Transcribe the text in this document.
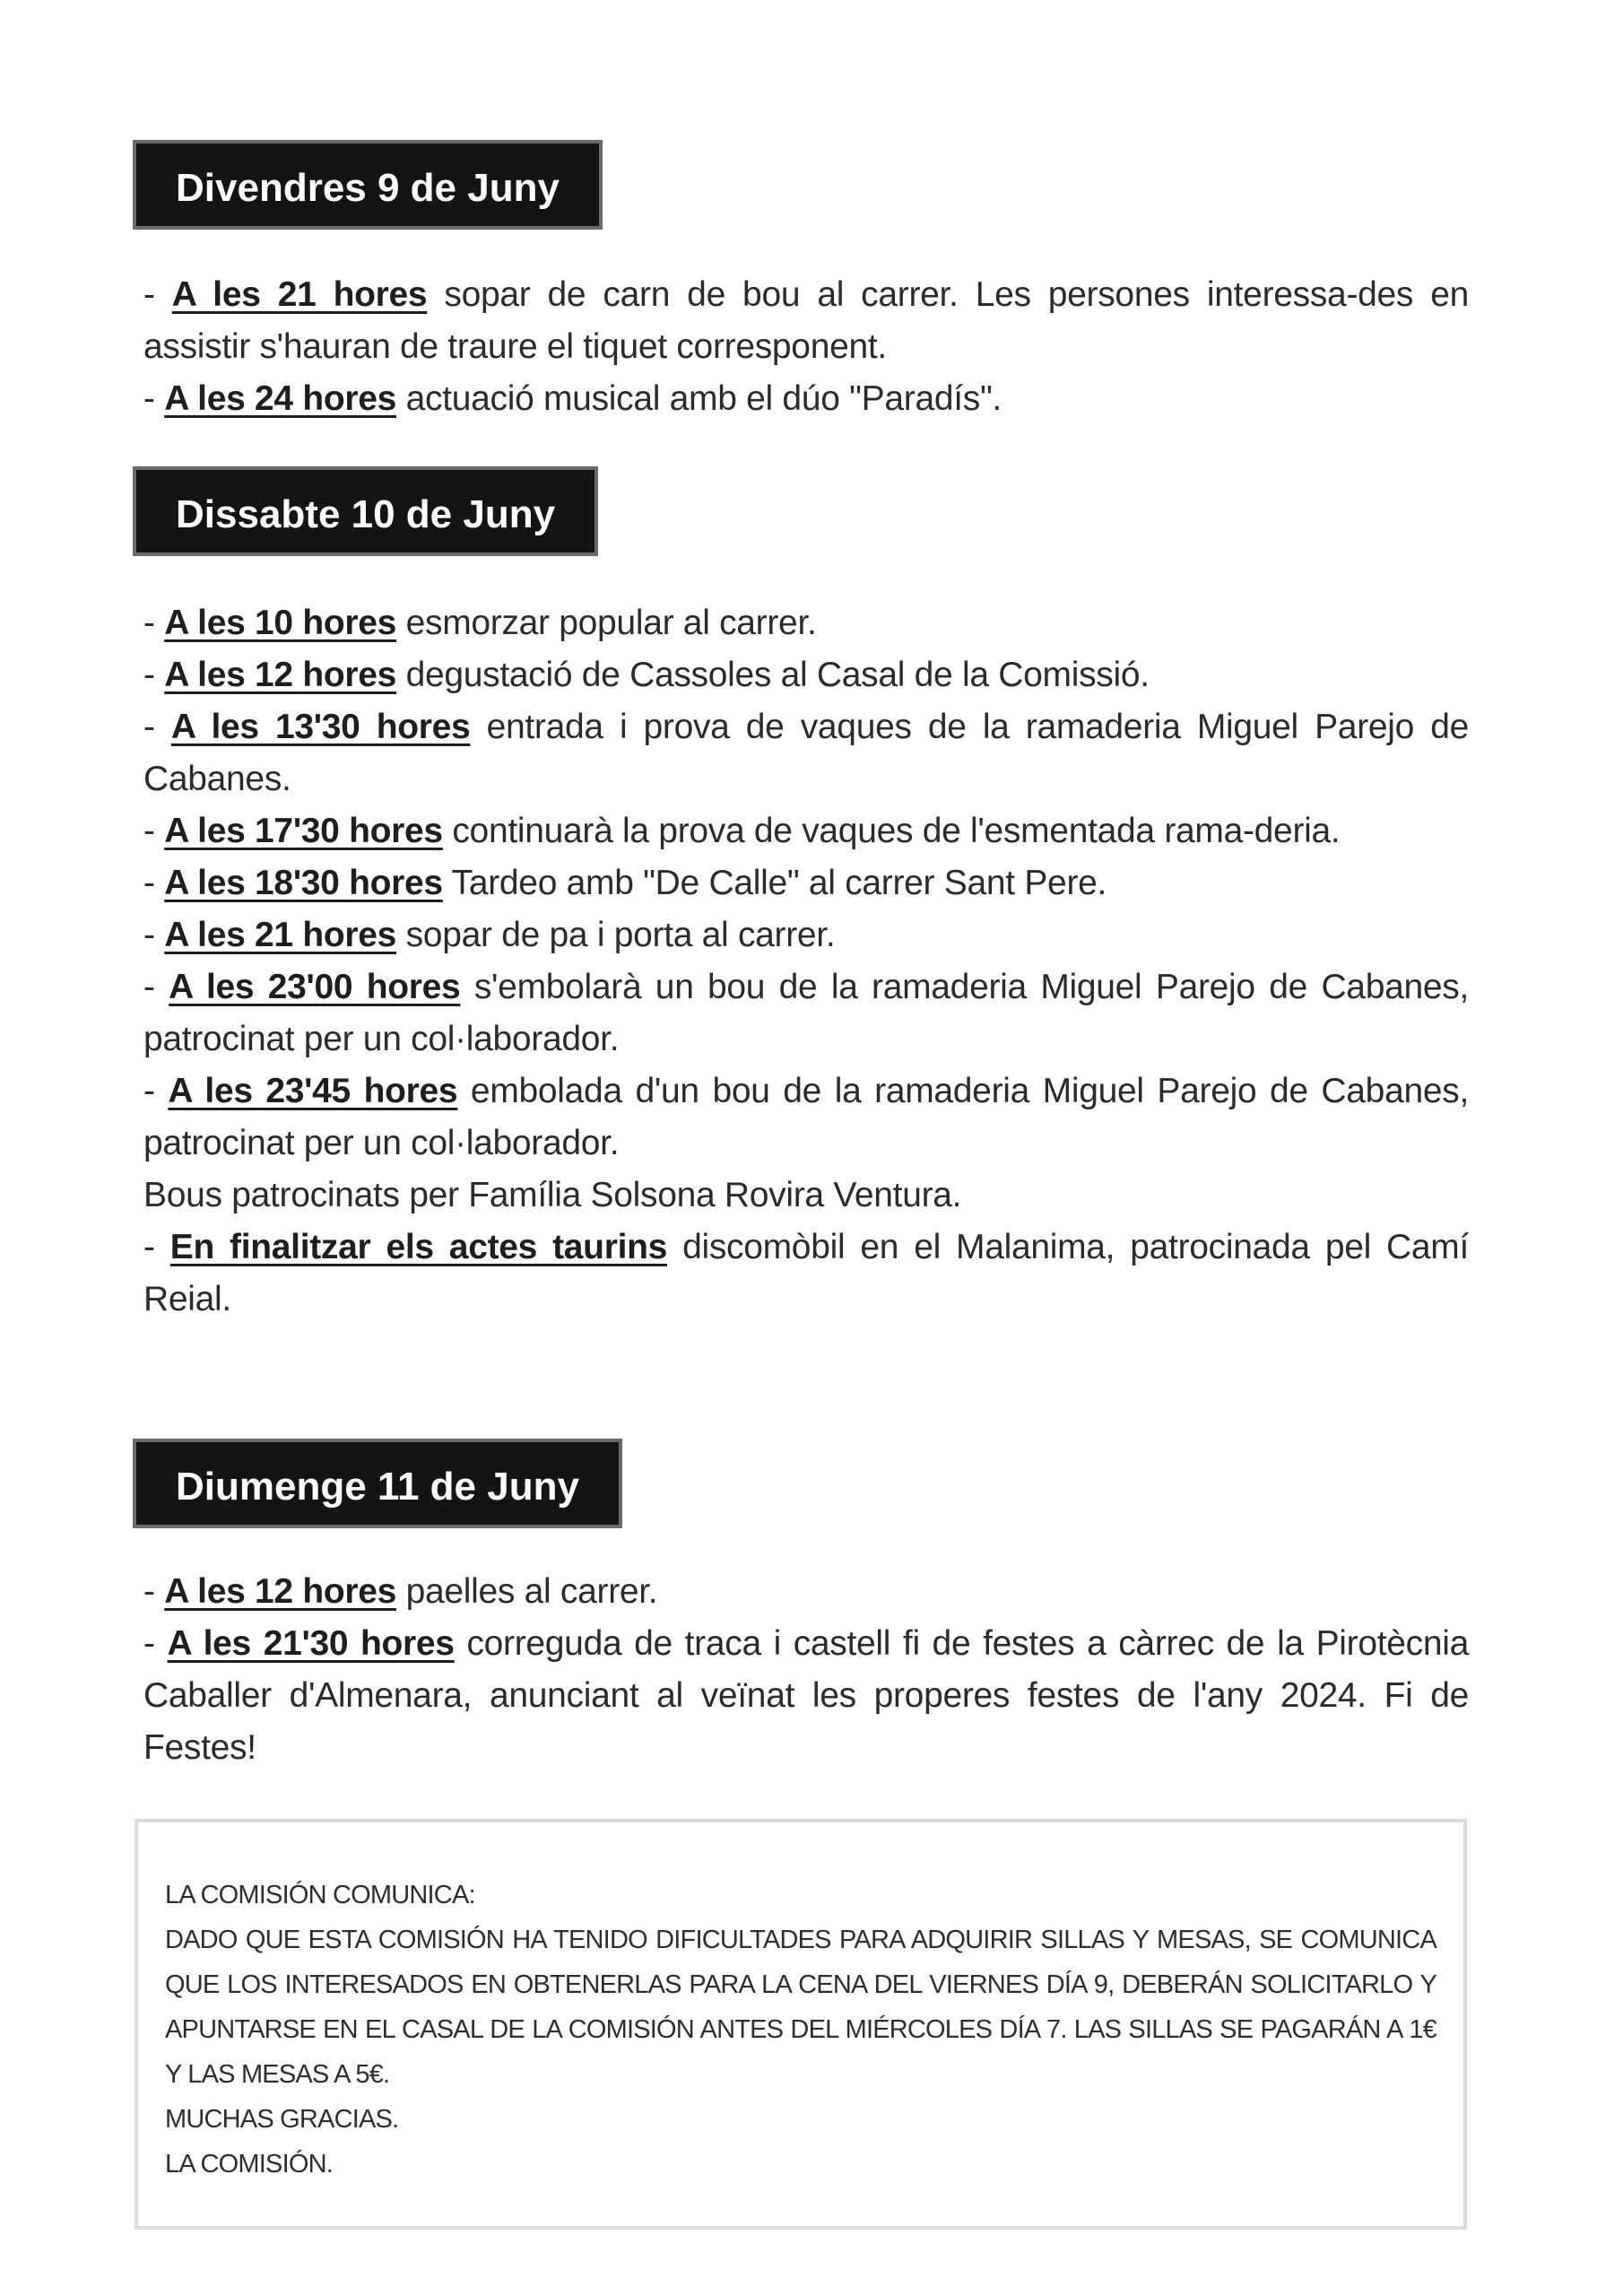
Divendres 9 de Juny

- A les 21 hores sopar de carn de bou al carrer. Les persones interessa-des en assistir s'hauran de traure el tiquet corresponent.

- A les 24 hores actuació musical amb el dúo "Paradís".

Dissabte 10 de Juny

- A les 10 hores esmorzar popular al carrer.

- A les 12 hores degustació de Cassoles al Casal de la Comissió.

- A les 13'30 hores entrada i prova de vaques de la ramaderia Miguel Parejo de Cabanes.

- A les 17'30 hores continuarà la prova de vaques de l'esmentada rama-deria.

- A les 18'30 hores Tardeo amb "De Calle" al carrer Sant Pere.

- A les 21 hores sopar de pa i porta al carrer.

- A les 23'00 hores s'embolarà un bou de la ramaderia Miguel Parejo de Cabanes, patrocinat per un col·laborador.

- A les 23'45 hores embolada d'un bou de la ramaderia Miguel Parejo de Cabanes, patrocinat per un col·laborador.

Bous patrocinats per Família Solsona Rovira Ventura.

- En finalitzar els actes taurins discomòbil en el Malanima, patrocinada pel Camí Reial.

Diumenge 11 de Juny

- A les 12 hores paelles al carrer.

- A les 21'30 hores correguda de traca i castell fi de festes a càrrec de la Pirotècnia Caballer d'Almenara, anunciant al veïnat les properes festes de l'any 2024. Fi de Festes!

LA COMISIÓN COMUNICA:

DADO QUE ESTA COMISIÓN HA TENIDO DIFICULTADES PARA ADQUIRIR SILLAS Y MESAS, SE COMUNICA QUE LOS INTERESADOS EN OBTENERLAS PARA LA CENA DEL VIERNES DÍA 9, DEBERÁN SOLICITARLO Y APUNTARSE EN EL CASAL DE LA COMISIÓN ANTES DEL MIÉRCOLES DÍA 7. LAS SILLAS SE PAGARÁN A 1€ Y LAS MESAS A 5€.

MUCHAS GRACIAS.

LA COMISIÓN.
